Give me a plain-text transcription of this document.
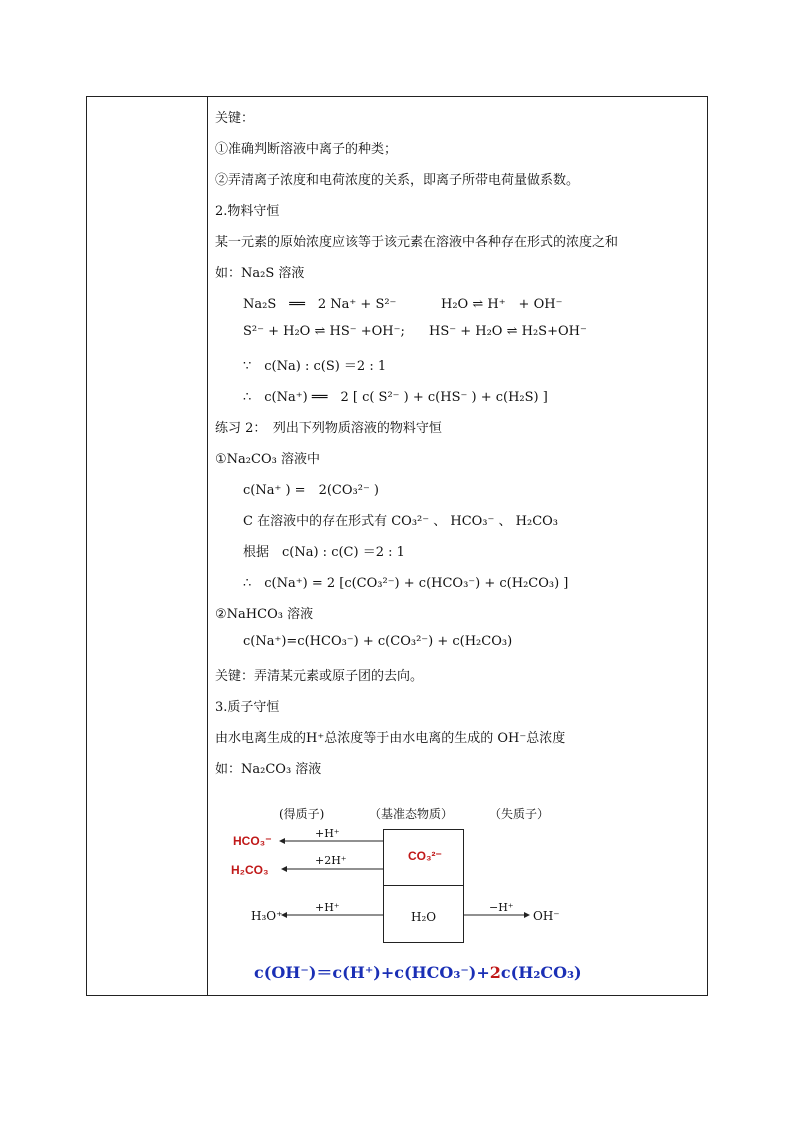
关键：
①准确判断溶液中离子的种类；
②弄清离子浓度和电荷浓度的关系，即离子所带电荷量做系数。
2.物料守恒
某一元素的原始浓度应该等于该元素在溶液中各种存在形式的浓度之和
如：Na₂S 溶液
Na₂S　══　2 Na⁺ + S²⁻	H₂O ⇌ H⁺　+ OH⁻
S²⁻ + H₂O ⇌ HS⁻ +OH⁻; HS⁻ + H₂O ⇌ H₂S+OH⁻
∵　c(Na) : c(S) ＝2 : 1
∴　c(Na⁺) ══　2 [ c( S²⁻ ) + c(HS⁻ ) + c(H₂S) ]
练习 2：　列出下列物质溶液的物料守恒
①Na₂CO₃ 溶液中
c(Na⁺ ) =　2(CO₃²⁻ )
C 在溶液中的存在形式有 CO₃²⁻ 、 HCO₃⁻ 、 H₂CO₃
根据　c(Na) : c(C) ＝2 : 1
∴　c(Na⁺) = 2 [c(CO₃²⁻) + c(HCO₃⁻) + c(H₂CO₃) ]
②NaHCO₃ 溶液
c(Na⁺)=c(HCO₃⁻) + c(CO₃²⁻) + c(H₂CO₃)
关键：弄清某元素或原子团的去向。
3.质子守恒
由水电离生成的H⁺总浓度等于由水电离的生成的 OH⁻总浓度
如：Na₂CO₃ 溶液
(得质子)	（基准态物质）	（失质子）
CO₃²⁻
H₂O
HCO₃⁻
H₂CO₃
H₃O⁺	OH⁻
+H⁺
+2H⁺
+H⁺	−H⁺
c(OH⁻)＝c(H⁺)+c(HCO₃⁻)+2c(H₂CO₃)
